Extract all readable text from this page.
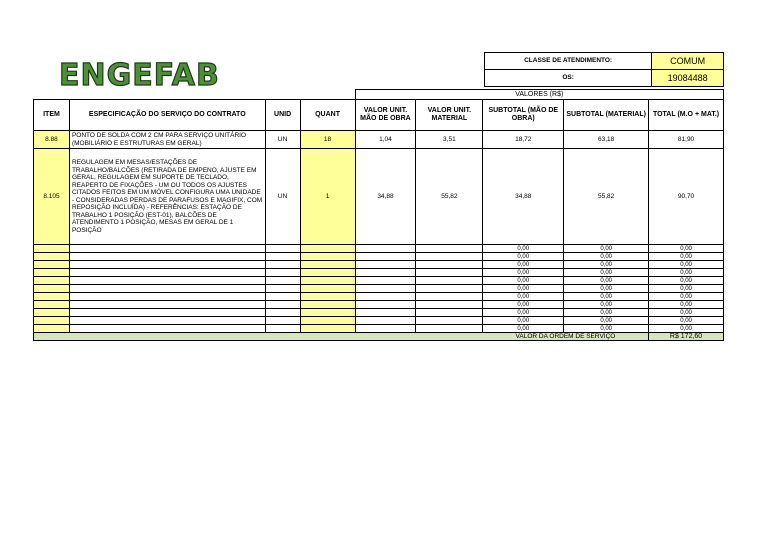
ENGEFAB	CLASSE DE ATENDIMENTO:	COMUM
OS:	19084488
				VALORES (R$)				
ITEM	ESPECIFICAÇÃO DO SERVIÇO DO CONTRATO	UNID	QUANT	VALOR UNIT. MÃO DE OBRA	VALOR UNIT. MATERIAL	SUBTOTAL (MÃO DE OBRA)	SUBTOTAL (MATERIAL)	TOTAL (M.O + MAT.)
8.88	PONTO DE SOLDA COM 2 CM PARA SERVIÇO UNITÁRIO (MOBILIÁRIO E ESTRUTURAS EM GERAL)	UN	18	1,04	3,51	18,72	63,18	81,90
8.105	REGULAGEM EM MESAS/ESTAÇÕES DE TRABALHO/BALCÕES (RETIRADA DE EMPENO, AJUSTE EM GERAL, REGULAGEM EM SUPORTE DE TECLADO, REAPERTO DE FIXAÇÕES - UM OU TODOS OS AJUSTES CITADOS FEITOS EM UM MÓVEL CONFIGURA UMA UNIDADE - CONSIDERADAS PERDAS DE PARAFUSOS E MAGIFIX, COM REPOSIÇÃO INCLUÍDA) - REFERÊNCIAS: ESTAÇÃO DE TRABALHO 1 POSIÇÃO (EST-01), BALCÕES DE ATENDIMENTO 1 POSIÇÃO, MESAS EM GERAL DE 1 POSIÇÃO	UN	1	34,88	55,82	34,88	55,82	90,70
						0,00	0,00	0,00
						0,00	0,00	0,00
						0,00	0,00	0,00
						0,00	0,00	0,00
						0,00	0,00	0,00
						0,00	0,00	0,00
						0,00	0,00	0,00
						0,00	0,00	0,00
						0,00	0,00	0,00
						0,00	0,00	0,00
						0,00	0,00	0,00
						VALOR DA ORDEM DE SERVIÇO		R$ 172,60
